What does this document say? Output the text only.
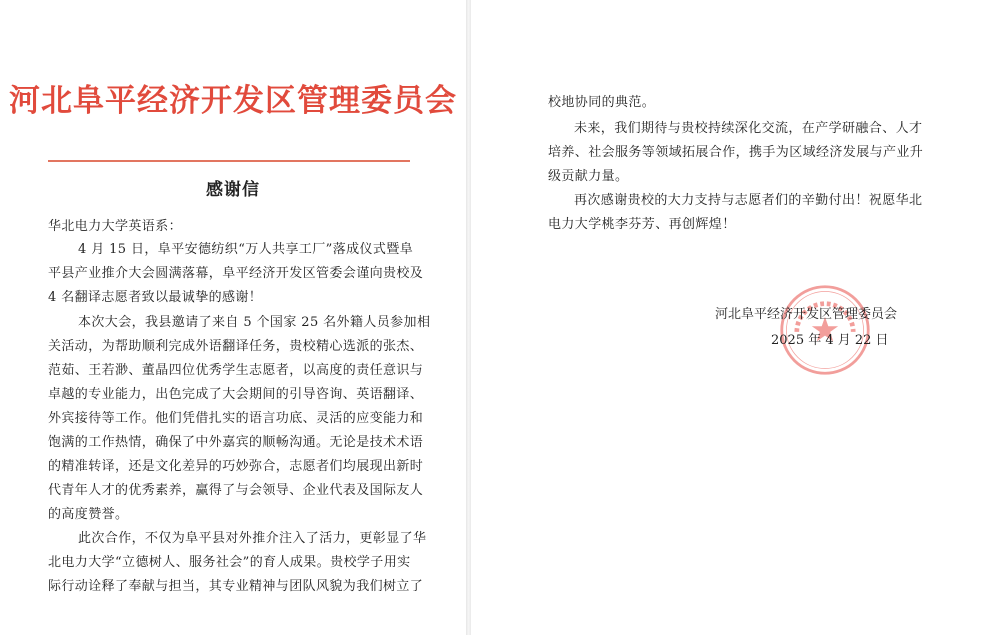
河北阜平经济开发区管理委员会
感谢信
华北电力大学英语系：
4 月 15 日，阜平安德纺织“万人共享工厂”落成仪式暨阜
平县产业推介大会圆满落幕，阜平经济开发区管委会谨向贵校及
4 名翻译志愿者致以最诚挚的感谢！
本次大会，我县邀请了来自 5 个国家 25 名外籍人员参加相
关活动，为帮助顺利完成外语翻译任务，贵校精心选派的张杰、
范茹、王若渺、董晶四位优秀学生志愿者，以高度的责任意识与
卓越的专业能力，出色完成了大会期间的引导咨询、英语翻译、
外宾接待等工作。他们凭借扎实的语言功底、灵活的应变能力和
饱满的工作热情，确保了中外嘉宾的顺畅沟通。无论是技术术语
的精准转译，还是文化差异的巧妙弥合，志愿者们均展现出新时
代青年人才的优秀素养，赢得了与会领导、企业代表及国际友人
的高度赞誉。
此次合作，不仅为阜平县对外推介注入了活力，更彰显了华
北电力大学“立德树人、服务社会”的育人成果。贵校学子用实
际行动诠释了奉献与担当，其专业精神与团队风貌为我们树立了
校地协同的典范。
未来，我们期待与贵校持续深化交流，在产学研融合、人才
培养、社会服务等领域拓展合作，携手为区域经济发展与产业升
级贡献力量。
再次感谢贵校的大力支持与志愿者们的辛勤付出！祝愿华北
电力大学桃李芬芳、再创辉煌！
河北阜平经济开发区管理委员会
2025 年 4 月 22 日
